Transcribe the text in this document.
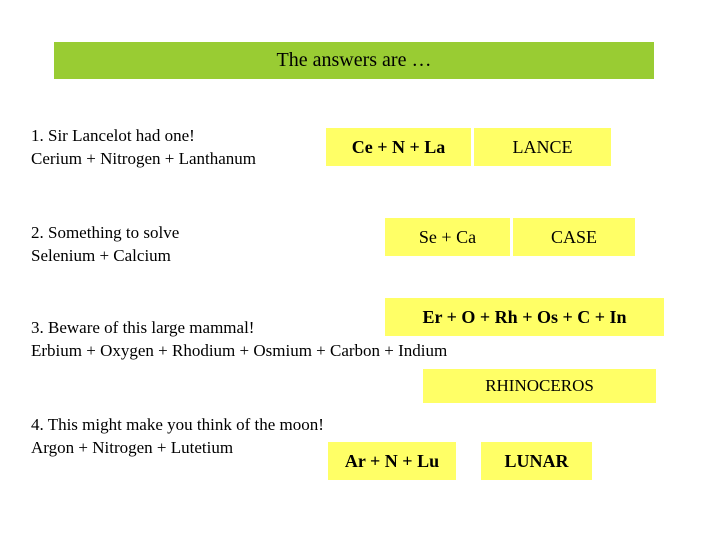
The answers are …
1. Sir Lancelot had one!
Cerium + Nitrogen + Lanthanum
Ce + N + La	LANCE
2. Something to solve
Selenium + Calcium
Se + Ca	CASE
Er + O + Rh + Os + C + In
3. Beware of this large mammal!
Erbium + Oxygen + Rhodium + Osmium + Carbon + Indium
RHINOCEROS
4. This might make you think of the moon!
Argon + Nitrogen + Lutetium
Ar + N + Lu	LUNAR
